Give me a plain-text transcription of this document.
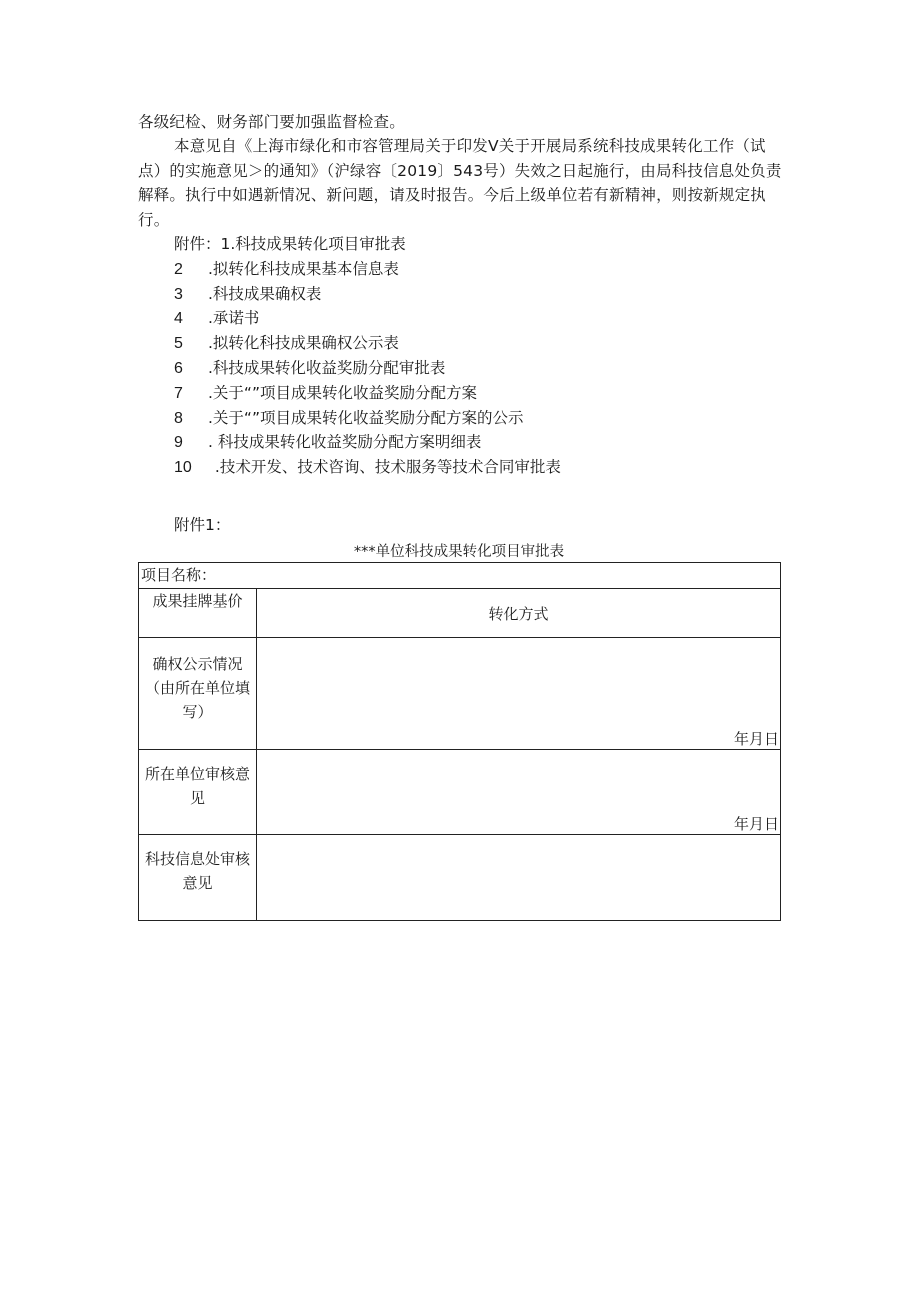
各级纪检、财务部门要加强监督检查。

本意见自《上海市绿化和市容管理局关于印发V关于开展局系统科技成果转化工作（试点）的实施意见＞的通知》（沪绿容〔2019〕543号）失效之日起施行，由局科技信息处负责解释。执行中如遇新情况、新问题，请及时报告。今后上级单位若有新精神，则按新规定执行。

附件：1.科技成果转化项目审批表
2 .拟转化科技成果基本信息表
3 .科技成果确权表
4 .承诺书
5 .拟转化科技成果确权公示表
6 .科技成果转化收益奖励分配审批表
7 .关于“”项目成果转化收益奖励分配方案
8 .关于“”项目成果转化收益奖励分配方案的公示
9 . 科技成果转化收益奖励分配方案明细表
10 .技术开发、技术咨询、技术服务等技术合同审批表
附件1：
***单位科技成果转化项目审批表
项目名称：	
成果挂牌基价	转化方式
确权公示情况（由所在单位填写）	年月日

所在单位审核意见	年月日

科技信息处审核意见	
